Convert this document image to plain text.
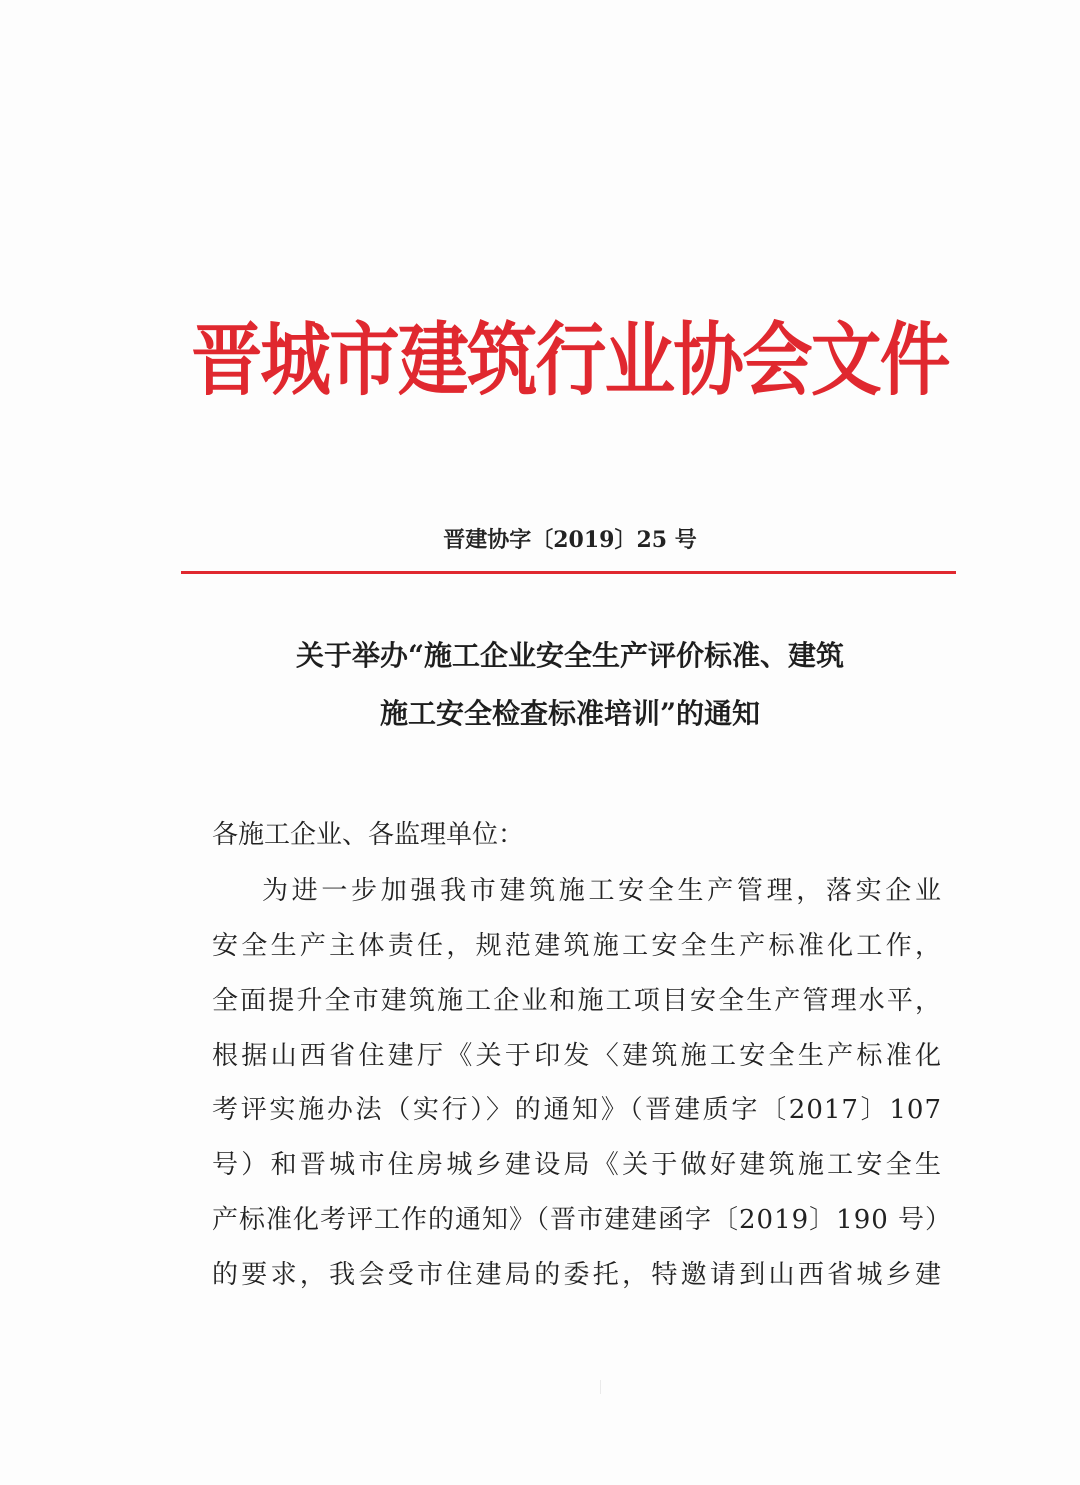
晋城市建筑行业协会文件
晋建协字〔2019〕25 号
关于举办“施工企业安全生产评价标准、建筑
施工安全检查标准培训”的通知
各施工企业、各监理单位：
为进一步加强我市建筑施工安全生产管理，落实企业
安全生产主体责任，规范建筑施工安全生产标准化工作，
全面提升全市建筑施工企业和施工项目安全生产管理水平，
根据山西省住建厅《关于印发〈建筑施工安全生产标准化
考评实施办法（实行）〉的通知》（晋建质字〔2017〕107
号）和晋城市住房城乡建设局《关于做好建筑施工安全生
产标准化考评工作的通知》（晋市建建函字〔2019〕190 号）
的要求，我会受市住建局的委托，特邀请到山西省城乡建
